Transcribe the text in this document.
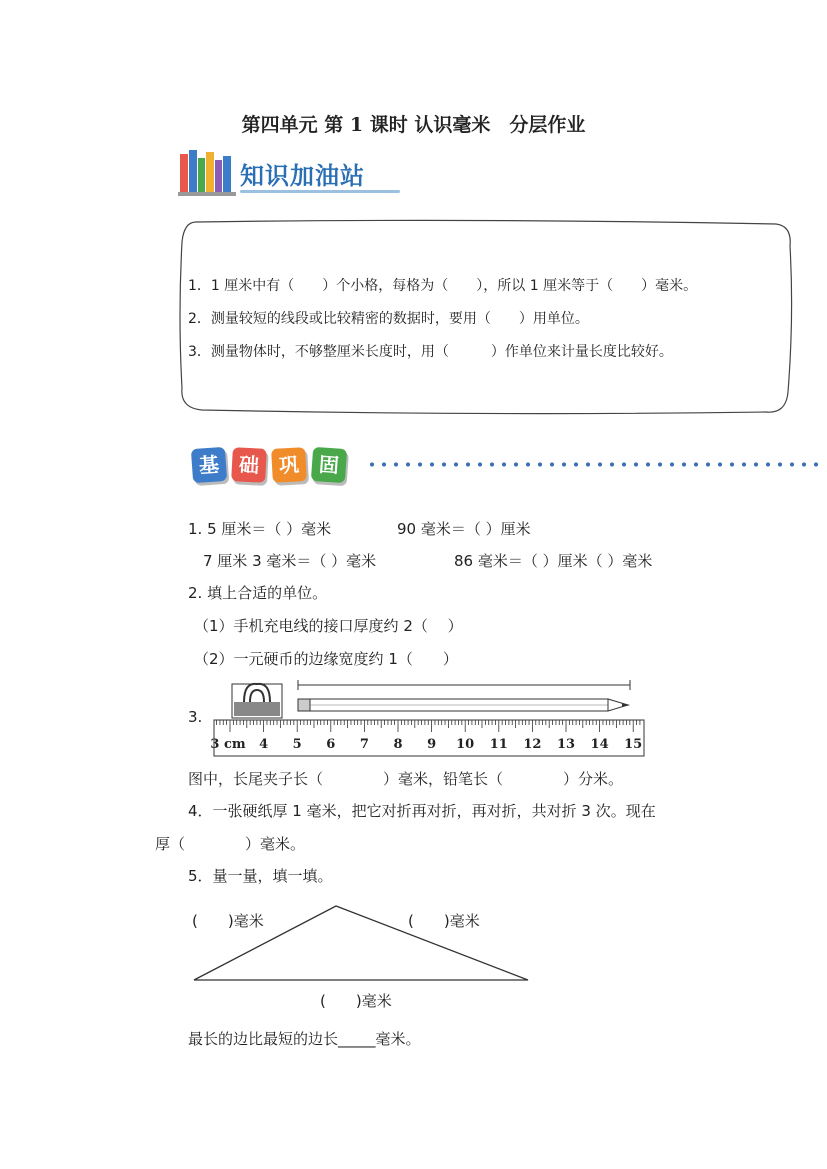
第四单元 第 1 课时 认识毫米　分层作业
知识加油站
1．1 厘米中有（　　）个小格，每格为（　　），所以 1 厘米等于（　　）毫米。
2．测量较短的线段或比较精密的数据时，要用（　　）用单位。
3．测量物体时，不够整厘米长度时，用（　　　）作单位来计量长度比较好。
基 础 巩 固
1. 5 厘米＝（ ）毫米	90 毫米＝（ ）厘米
7 厘米 3 毫米＝（ ）毫米	86 毫米＝（ ）厘米（ ）毫米
2. 填上合适的单位。
（1）手机充电线的接口厚度约 2（　 ）
（2）一元硬币的边缘宽度约 1（　　）
3.
3 cm 4 5 6 7 8 9 10 11 12 13 14 15
图中，长尾夹子长（　　　　）毫米，铅笔长（　　　　）分米。
4．一张硬纸厚 1 毫米，把它对折再对折，再对折，共对折 3 次。现在
厚（　　　　）毫米。
5．量一量，填一填。
(　　)毫米	(　　)毫米
(　　)毫米
最长的边比最短的边长_____毫米。
